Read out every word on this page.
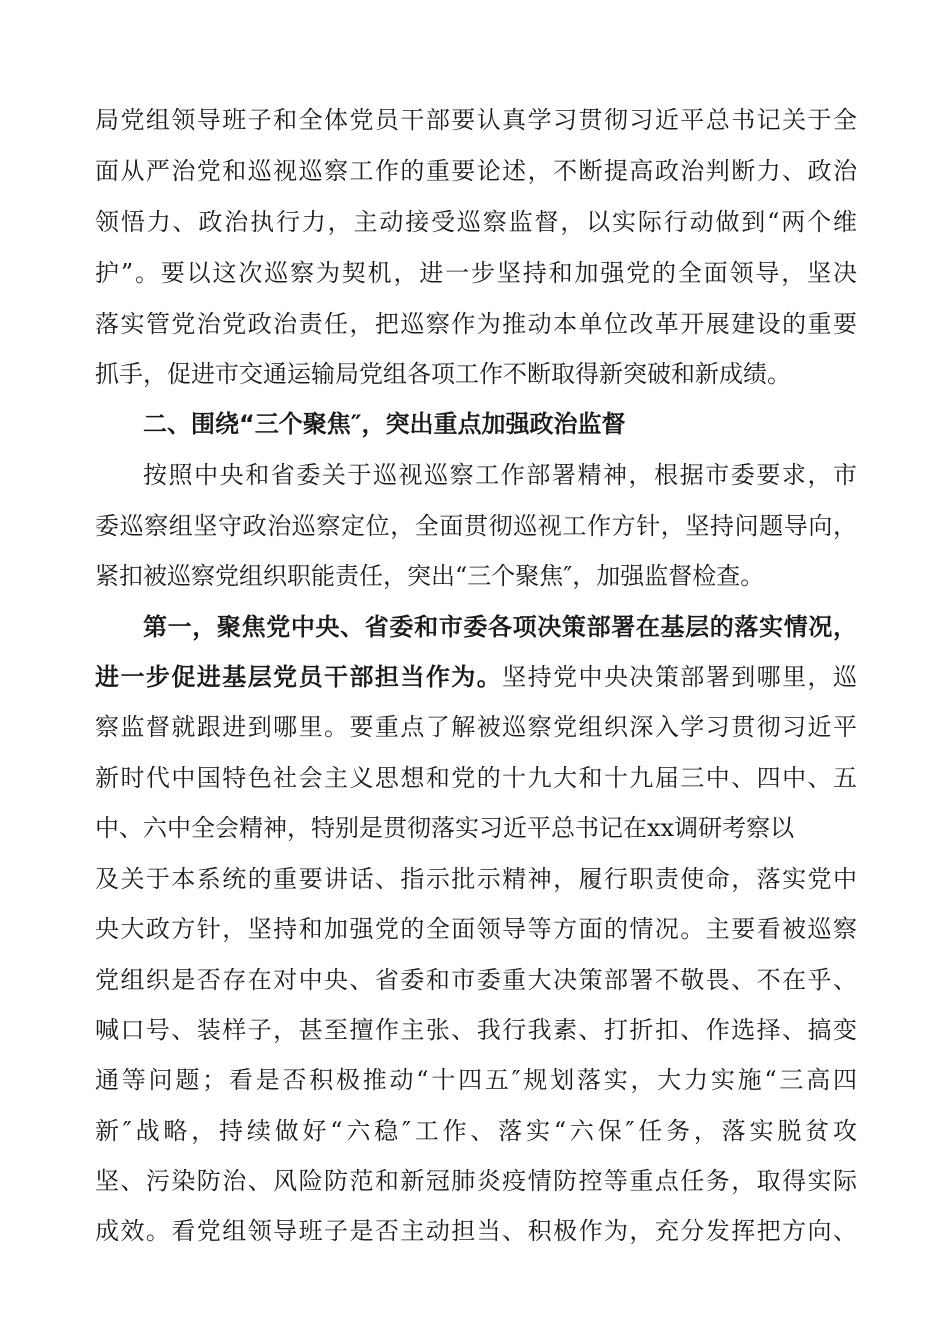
局党组领导班子和全体党员干部要认真学习贯彻习近平总书记关于全
面从严治党和巡视巡察工作的重要论述，不断提高政治判断力、政治
领悟力、政治执行力，主动接受巡察监督，以实际行动做到“两个维
护”。要以这次巡察为契机，进一步坚持和加强党的全面领导，坚决
落实管党治党政治责任，把巡察作为推动本单位改革开展建设的重要
抓手，促进市交通运输局党组各项工作不断取得新突破和新成绩。
二、围绕“三个聚焦″，突出重点加强政治监督
按照中央和省委关于巡视巡察工作部署精神，根据市委要求，市
委巡察组坚守政治巡察定位，全面贯彻巡视工作方针，坚持问题导向，
紧扣被巡察党组织职能责任，突出“三个聚焦″，加强监督检查。
第一，聚焦党中央、省委和市委各项决策部署在基层的落实情况，
进一步促进基层党员干部担当作为。坚持党中央决策部署到哪里，巡
察监督就跟进到哪里。要重点了解被巡察党组织深入学习贯彻习近平
新时代中国特色社会主义思想和党的十九大和十九届三中、四中、五
中、六中全会精神，特别是贯彻落实习近平总书记在xx调研考察以
及关于本系统的重要讲话、指示批示精神，履行职责使命，落实党中
央大政方针，坚持和加强党的全面领导等方面的情况。主要看被巡察
党组织是否存在对中央、省委和市委重大决策部署不敬畏、不在乎、
喊口号、装样子，甚至擅作主张、我行我素、打折扣、作选择、搞变
通等问题；看是否积极推动“十四五″规划落实，大力实施“三高四
新″战略，持续做好“六稳″工作、落实“六保″任务，落实脱贫攻
坚、污染防治、风险防范和新冠肺炎疫情防控等重点任务，取得实际
成效。看党组领导班子是否主动担当、积极作为，充分发挥把方向、
